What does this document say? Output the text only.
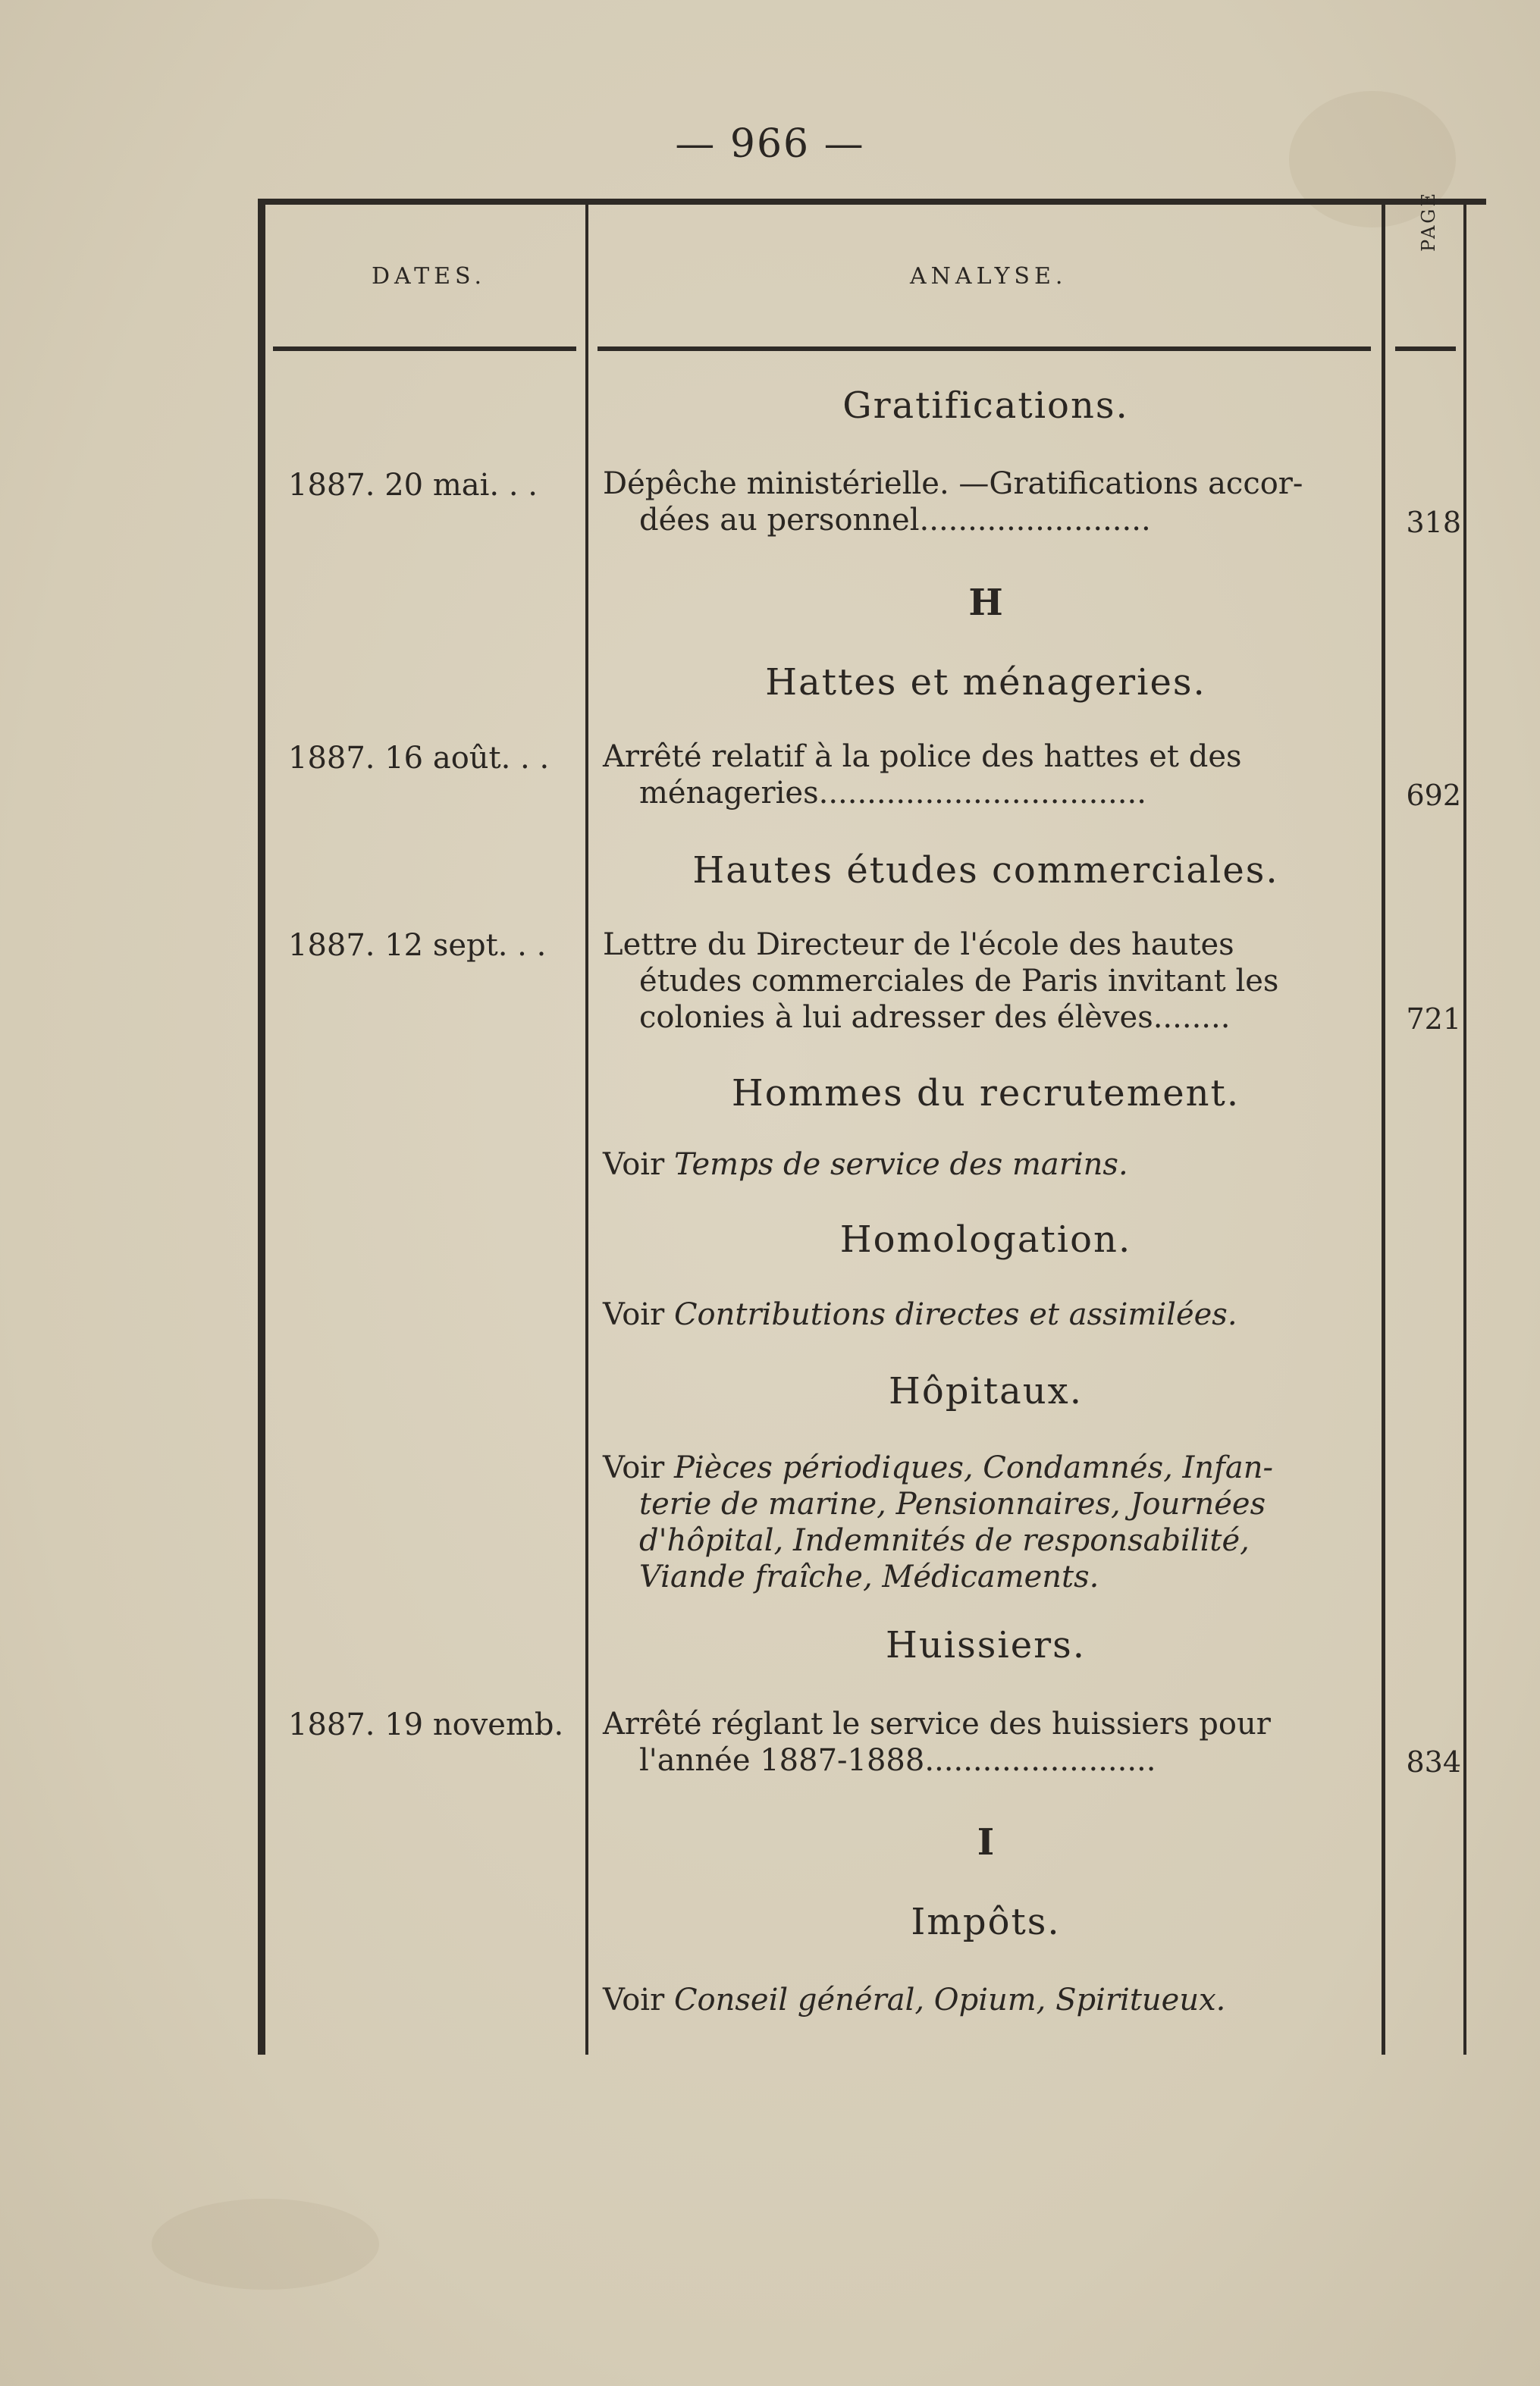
— 966 —
DATES.	ANALYSE.
PAGE
Gratifications.
1887. 20 mai. . . Dépêche ministérielle. —Gratifications accor-
dées au personnel........................	318
H
Hattes et ménageries.
1887. 16 août. . . Arrêté relatif à la police des hattes et des
ménageries..................................	692
Hautes études commerciales.
1887. 12 sept. . . Lettre du Directeur de l'école des hautes
études commerciales de Paris invitant les
colonies à lui adresser des élèves........	721
Hommes du recrutement.
Voir Temps de service des marins.
Homologation.
Voir Contributions directes et assimilées.
Hôpitaux.
Voir Pièces périodiques, Condamnés, Infan-
terie de marine, Pensionnaires, Journées
d'hôpital, Indemnités de responsabilité,
Viande fraîche, Médicaments.
Huissiers.
1887. 19 novemb. Arrêté réglant le service des huissiers pour
l'année 1887-1888........................	834
I
Impôts.
Voir Conseil général, Opium, Spiritueux.
